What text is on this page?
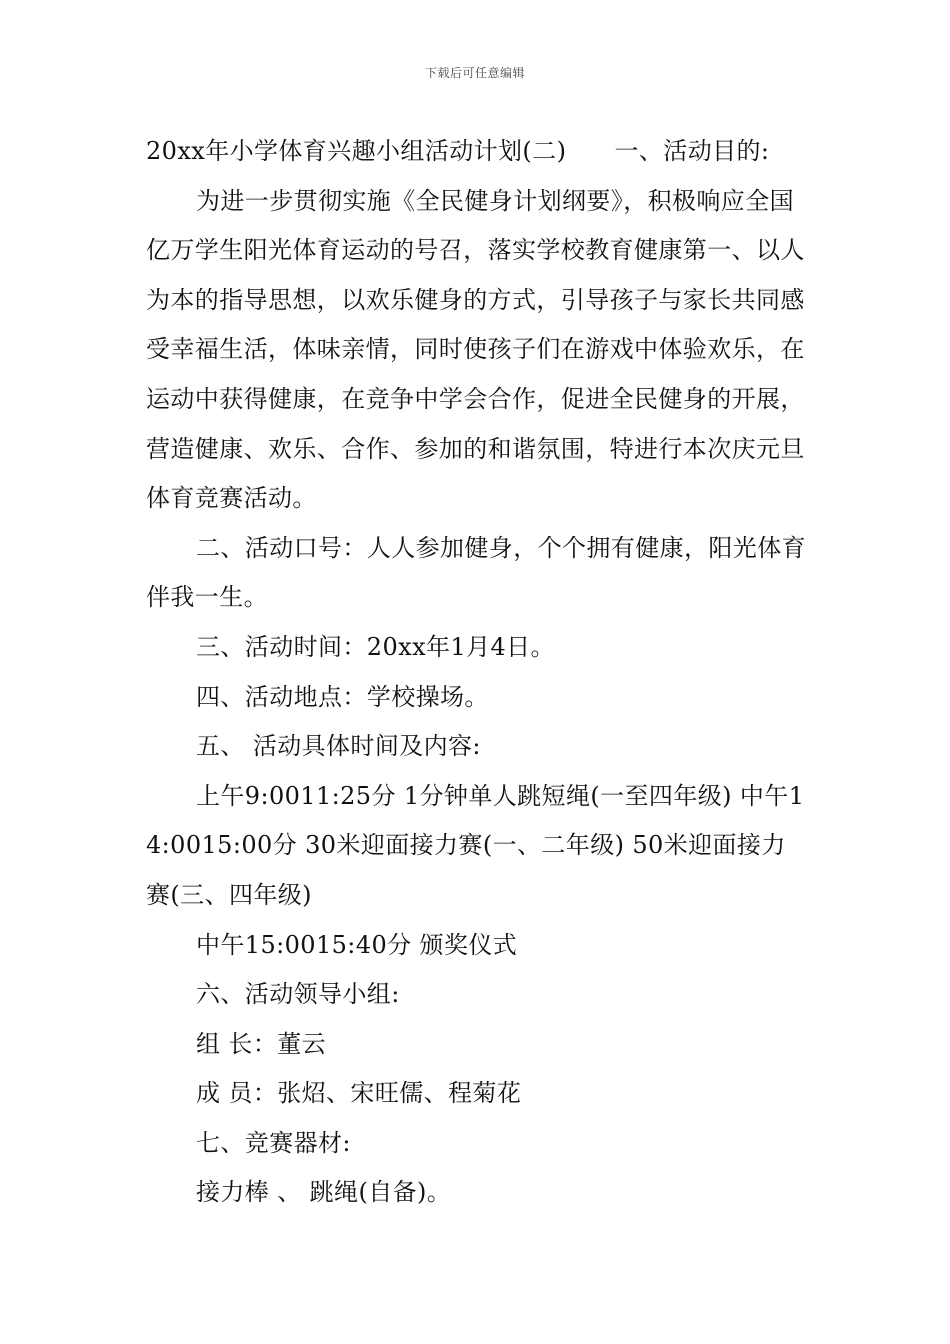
下载后可任意编辑

20xx年小学体育兴趣小组活动计划(二)      一、活动目的:

为进一步贯彻实施《全民健身计划纲要》，积极响应全国亿万学生阳光体育运动的号召，落实学校教育健康第一、以人为本的指导思想，以欢乐健身的方式，引导孩子与家长共同感受幸福生活，体味亲情，同时使孩子们在游戏中体验欢乐，在运动中获得健康，在竞争中学会合作，促进全民健身的开展，营造健康、欢乐、合作、参加的和谐氛围，特进行本次庆元旦体育竞赛活动。

二、活动口号：人人参加健身，个个拥有健康，阳光体育伴我一生。

三、活动时间：20xx年1月4日。

四、活动地点：学校操场。

五、 活动具体时间及内容:

上午9:0011:25分 1分钟单人跳短绳(一至四年级) 中午14:0015:00分 30米迎面接力赛(一、二年级) 50米迎面接力赛(三、四年级)

中午15:0015:40分 颁奖仪式

六、活动领导小组:

组 长：董云

成 员：张炤、宋旺儒、程菊花

七、竞赛器材:

接力棒 、 跳绳(自备)。
